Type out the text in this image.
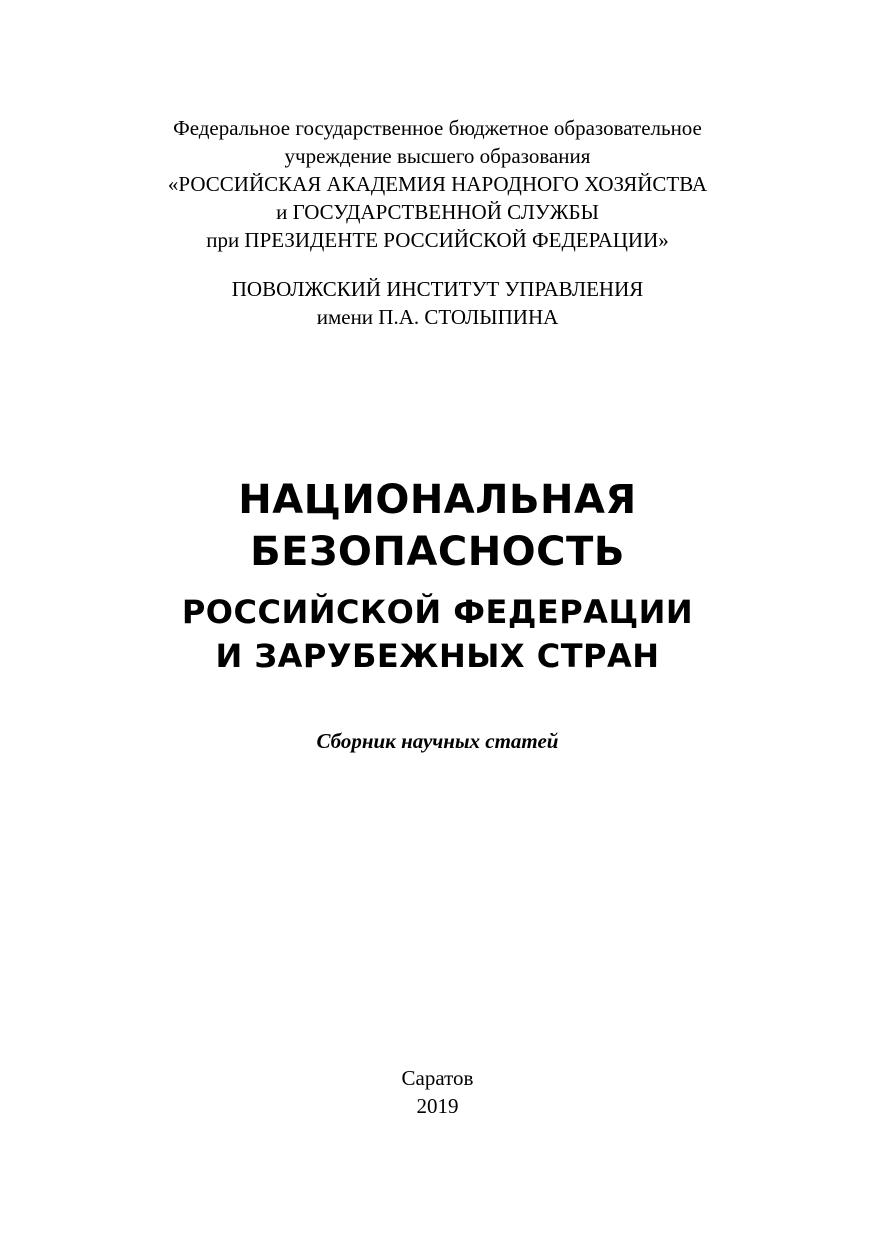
Федеральное государственное бюджетное образовательное
учреждение высшего образования
«РОССИЙСКАЯ АКАДЕМИЯ НАРОДНОГО ХОЗЯЙСТВА
и ГОСУДАРСТВЕННОЙ СЛУЖБЫ
при ПРЕЗИДЕНТЕ РОССИЙСКОЙ ФЕДЕРАЦИИ»
ПОВОЛЖСКИЙ ИНСТИТУТ УПРАВЛЕНИЯ
имени П.А. СТОЛЫПИНА
НАЦИОНАЛЬНАЯ
БЕЗОПАСНОСТЬ
РОССИЙСКОЙ ФЕДЕРАЦИИ
И ЗАРУБЕЖНЫХ СТРАН
Сборник научных статей
Саратов
2019
